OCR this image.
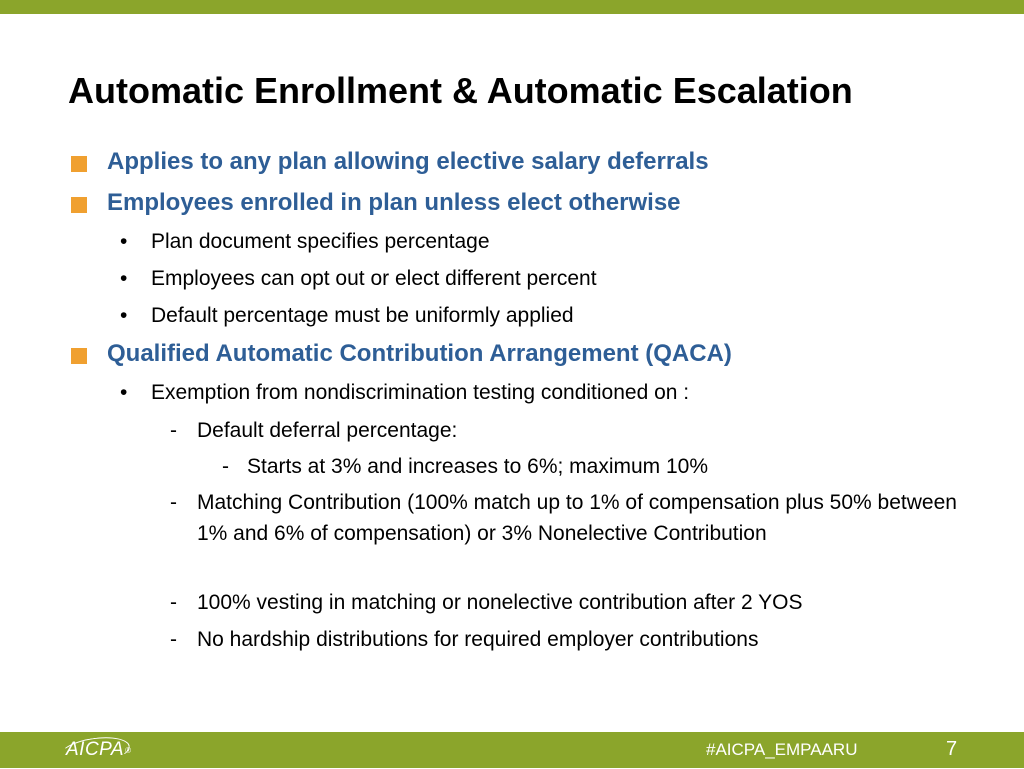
Automatic Enrollment & Automatic Escalation
Applies to any plan allowing elective salary deferrals
Employees enrolled in plan unless elect otherwise
• Plan document specifies percentage
• Employees can opt out or elect different percent
• Default percentage must be uniformly applied
Qualified Automatic Contribution Arrangement (QACA)
• Exemption from nondiscrimination testing conditioned on :
- Default deferral percentage:
- Starts at 3% and increases to 6%; maximum 10%
- Matching Contribution (100% match up to 1% of compensation plus 50% between 1% and 6% of compensation) or 3% Nonelective Contribution
- 100% vesting in matching or nonelective contribution after 2 YOS
- No hardship distributions for required employer contributions
AICPA ®	#AICPA_EMPAARU	7
